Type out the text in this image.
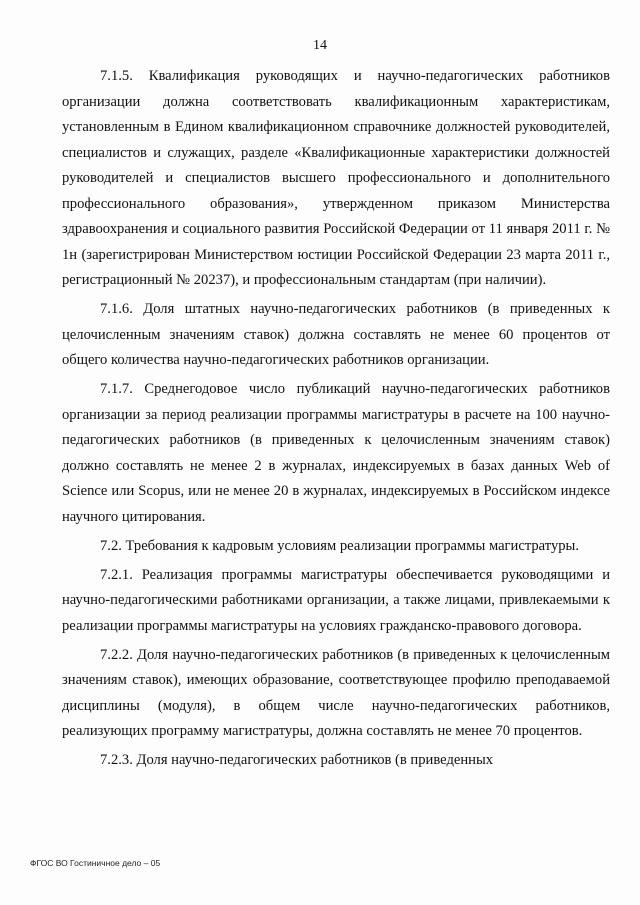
14

7.1.5. Квалификация руководящих и научно-педагогических работников организации должна соответствовать квалификационным характеристикам, установленным в Едином квалификационном справочнике должностей руководителей, специалистов и служащих, разделе «Квалификационные характеристики должностей руководителей и специалистов высшего профессионального и дополнительного профессионального образования», утвержденном приказом Министерства здравоохранения и социального развития Российской Федерации от 11 января 2011 г. № 1н (зарегистрирован Министерством юстиции Российской Федерации 23 марта 2011 г., регистрационный № 20237), и профессиональным стандартам (при наличии).

7.1.6. Доля штатных научно-педагогических работников (в приведенных к целочисленным значениям ставок) должна составлять не менее 60 процентов от общего количества научно-педагогических работников организации.

7.1.7. Среднегодовое число публикаций научно-педагогических работников организации за период реализации программы магистратуры в расчете на 100 научно-педагогических работников (в приведенных к целочисленным значениям ставок) должно составлять не менее 2 в журналах, индексируемых в базах данных Web of Science или Scopus, или не менее 20 в журналах, индексируемых в Российском индексе научного цитирования.

7.2. Требования к кадровым условиям реализации программы магистратуры.

7.2.1. Реализация программы магистратуры обеспечивается руководящими и научно-педагогическими работниками организации, а также лицами, привлекаемыми к реализации программы магистратуры на условиях гражданско-правового договора.

7.2.2. Доля научно-педагогических работников (в приведенных к целочисленным значениям ставок), имеющих образование, соответствующее профилю преподаваемой дисциплины (модуля), в общем числе научно-педагогических работников, реализующих программу магистратуры, должна составлять не менее 70 процентов.

7.2.3. Доля научно-педагогических работников (в приведенных

ФГОС ВО Гостиничное дело – 05
